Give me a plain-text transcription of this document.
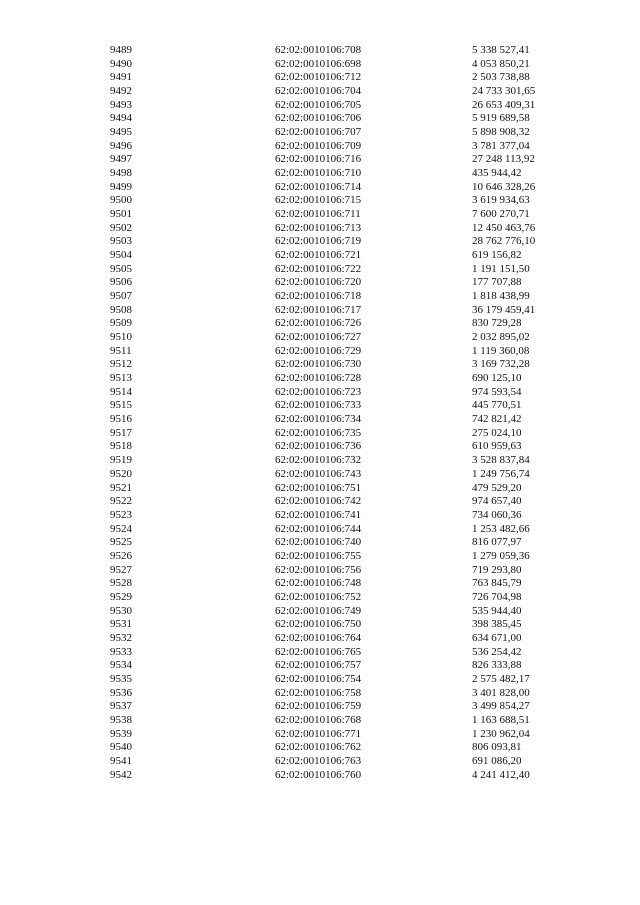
9489	62:02:0010106:708	5 338 527,41
9490	62:02:0010106:698	4 053 850,21
9491	62:02:0010106:712	2 503 738,88
9492	62:02:0010106:704	24 733 301,65
9493	62:02:0010106:705	26 653 409,31
9494	62:02:0010106:706	5 919 689,58
9495	62:02:0010106:707	5 898 908,32
9496	62:02:0010106:709	3 781 377,04
9497	62:02:0010106:716	27 248 113,92
9498	62:02:0010106:710	435 944,42
9499	62:02:0010106:714	10 646 328,26
9500	62:02:0010106:715	3 619 934,63
9501	62:02:0010106:711	7 600 270,71
9502	62:02:0010106:713	12 450 463,76
9503	62:02:0010106:719	28 762 776,10
9504	62:02:0010106:721	619 156,82
9505	62:02:0010106:722	1 191 151,50
9506	62:02:0010106:720	177 707,88
9507	62:02:0010106:718	1 818 438,99
9508	62:02:0010106:717	36 179 459,41
9509	62:02:0010106:726	830 729,28
9510	62:02:0010106:727	2 032 895,02
9511	62:02:0010106:729	1 119 360,08
9512	62:02:0010106:730	3 169 732,28
9513	62:02:0010106:728	690 125,10
9514	62:02:0010106:723	974 593,54
9515	62:02:0010106:733	445 770,51
9516	62:02:0010106:734	742 821,42
9517	62:02:0010106:735	275 024,10
9518	62:02:0010106:736	610 959,63
9519	62:02:0010106:732	3 528 837,84
9520	62:02:0010106:743	1 249 756,74
9521	62:02:0010106:751	479 529,20
9522	62:02:0010106:742	974 657,40
9523	62:02:0010106:741	734 060,36
9524	62:02:0010106:744	1 253 482,66
9525	62:02:0010106:740	816 077,97
9526	62:02:0010106:755	1 279 059,36
9527	62:02:0010106:756	719 293,80
9528	62:02:0010106:748	763 845,79
9529	62:02:0010106:752	726 704,98
9530	62:02:0010106:749	535 944,40
9531	62:02:0010106:750	398 385,45
9532	62:02:0010106:764	634 671,00
9533	62:02:0010106:765	536 254,42
9534	62:02:0010106:757	826 333,88
9535	62:02:0010106:754	2 575 482,17
9536	62:02:0010106:758	3 401 828,00
9537	62:02:0010106:759	3 499 854,27
9538	62:02:0010106:768	1 163 688,51
9539	62:02:0010106:771	1 230 962,04
9540	62:02:0010106:762	806 093,81
9541	62:02:0010106:763	691 086,20
9542	62:02:0010106:760	4 241 412,40
